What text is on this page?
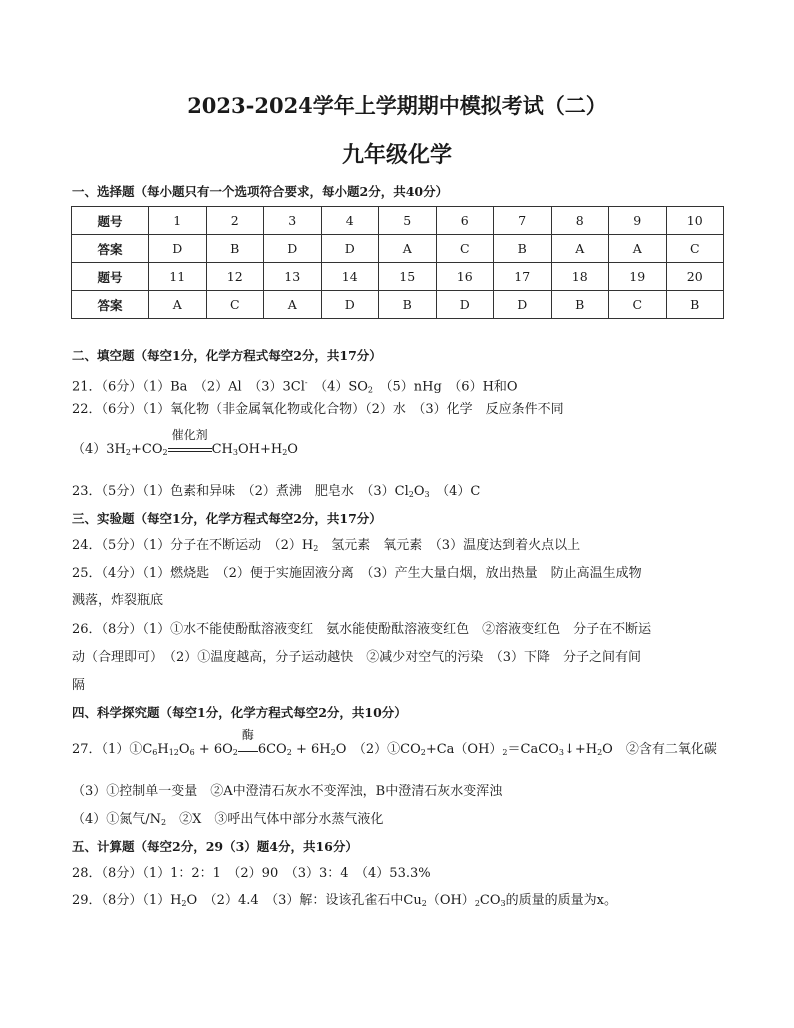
2023-2024学年上学期期中模拟考试（二）
九年级化学
一、选择题（每小题只有一个选项符合要求，每小题2分，共40分）
题号	1	2	3	4	5	6	7	8	9	10
答案	D	B	D	D	A	C	B	A	A	C
题号	11	12	13	14	15	16	17	18	19	20
答案	A	C	A	D	B	D	D	B	C	B
二、填空题（每空1分，化学方程式每空2分，共17分）
21．（6分）（1）Ba　（2）Al　（3）3Cl-　$(4)SO_2$　（5）nHg　（6）H和O
22．（6分）（1）氧化物（非金属氧化物或化合物）（2）水　（3）化学　反应条件不同
$(4)3H_2+CO_2$
催化剂
$CH_3OH+H_2O$
23．（5分）（1）色素和异味　（2）煮沸　肥皂水　$(3)Cl_2O_3$　（4）C
三、实验题（每空1分，化学方程式每空2分，共17分）
24．（5分）（1）分子在不断运动　$(2)H_2$　氢元素　氧元素　（3）温度达到着火点以上
25．（4分）（1）燃烧匙　（2）便于实施固液分离　（3）产生大量白烟，放出热量　防止高温生成物
溅落，炸裂瓶底
26．（8分）（1）①水不能使酚酞溶液变红　氨水能使酚酞溶液变红色　②溶液变红色　分子在不断运
动（合理即可）　（2）①温度越高，分子运动越快　②减少对空气的污染　（3）下降　分子之间有间
隔
四、科学探究题（每空1分，化学方程式每空2分，共10分）
27．$(1)①C_6H_{12}O_6 + 6O_2$
酶
$6CO_2 + 6H_2O$　$(2)①CO_2+Ca(OH)_2=CaCO_3↓+H_2O$　②含有二氧化碳
（3）①控制单一变量　②A中澄清石灰水不变浑浊，B中澄清石灰水变浑浊
（4）①氮气$/N_2$　②X　③呼出气体中部分水蒸气液化
五、计算题（每空2分，29（3）题4分，共16分）
28．（8分）（1）1：2：1　（2）90　（3）3：4　（4）53.3%
29．（8分）$(1)H_2O$　（2）4.4　（3）解：设该孔雀石中$Cu_2(OH)_2CO_3$的质量的质量为x。
